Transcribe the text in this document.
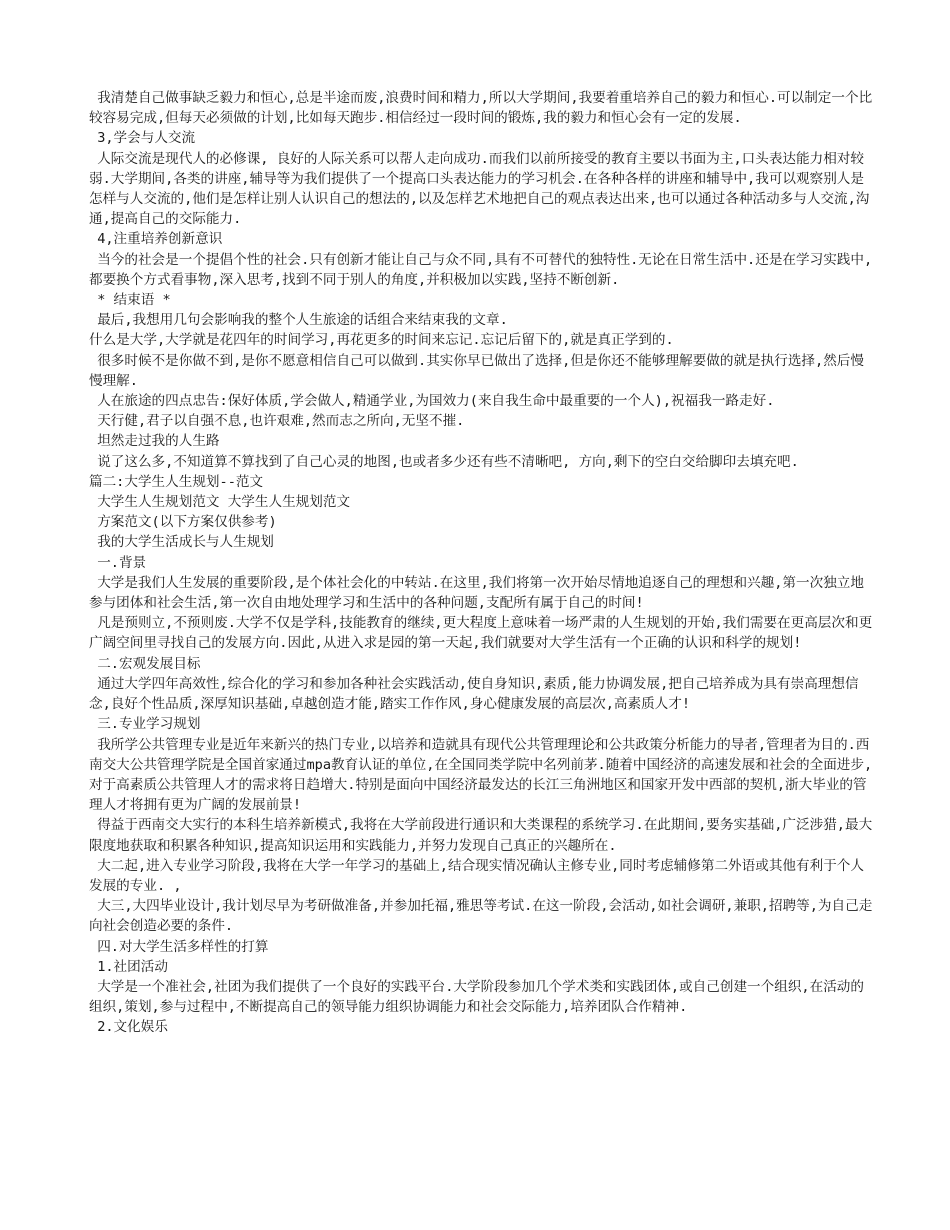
我清楚自己做事缺乏毅力和恒心,总是半途而废,浪费时间和精力,所以大学期间,我要着重培养自己的毅力和恒心.可以制定一个比较容易完成,但每天必须做的计划,比如每天跑步.相信经过一段时间的锻炼,我的毅力和恒心会有一定的发展.

3,学会与人交流

人际交流是现代人的必修课, 良好的人际关系可以帮人走向成功.而我们以前所接受的教育主要以书面为主,口头表达能力相对较弱.大学期间,各类的讲座,辅导等为我们提供了一个提高口头表达能力的学习机会.在各种各样的讲座和辅导中,我可以观察别人是怎样与人交流的,他们是怎样让别人认识自己的想法的,以及怎样艺术地把自己的观点表达出来,也可以通过各种活动多与人交流,沟通,提高自己的交际能力.

4,注重培养创新意识

当今的社会是一个提倡个性的社会.只有创新才能让自己与众不同,具有不可替代的独特性.无论在日常生活中.还是在学习实践中,都要换个方式看事物,深入思考,找到不同于别人的角度,并积极加以实践,坚持不断创新.

* 结束语 *

最后,我想用几句会影响我的整个人生旅途的话组合来结束我的文章.

什么是大学,大学就是花四年的时间学习,再花更多的时间来忘记.忘记后留下的,就是真正学到的.

很多时候不是你做不到,是你不愿意相信自己可以做到.其实你早已做出了选择,但是你还不能够理解要做的就是执行选择,然后慢慢理解.

人在旅途的四点忠告:保好体质,学会做人,精通学业,为国效力(来自我生命中最重要的一个人),祝福我一路走好.

天行健,君子以自强不息,也许艰难,然而志之所向,无坚不摧.

坦然走过我的人生路

说了这么多,不知道算不算找到了自己心灵的地图,也或者多少还有些不清晰吧, 方向,剩下的空白交给脚印去填充吧.

篇二:大学生人生规划--范文

大学生人生规划范文 大学生人生规划范文

方案范文(以下方案仅供参考)

我的大学生活成长与人生规划

一.背景

大学是我们人生发展的重要阶段,是个体社会化的中转站.在这里,我们将第一次开始尽情地追逐自己的理想和兴趣,第一次独立地参与团体和社会生活,第一次自由地处理学习和生活中的各种问题,支配所有属于自己的时间!

凡是预则立,不预则废.大学不仅是学科,技能教育的继续,更大程度上意味着一场严肃的人生规划的开始,我们需要在更高层次和更广阔空间里寻找自己的发展方向.因此,从进入求是园的第一天起,我们就要对大学生活有一个正确的认识和科学的规划!

二.宏观发展目标

通过大学四年高效性,综合化的学习和参加各种社会实践活动,使自身知识,素质,能力协调发展,把自己培养成为具有崇高理想信念,良好个性品质,深厚知识基础,卓越创造才能,踏实工作作风,身心健康发展的高层次,高素质人才!

三.专业学习规划

我所学公共管理专业是近年来新兴的热门专业,以培养和造就具有现代公共管理理论和公共政策分析能力的导者,管理者为目的.西南交大公共管理学院是全国首家通过mpa教育认证的单位,在全国同类学院中名列前茅.随着中国经济的高速发展和社会的全面进步,对于高素质公共管理人才的需求将日趋增大.特别是面向中国经济最发达的长江三角洲地区和国家开发中西部的契机,浙大毕业的管理人才将拥有更为广阔的发展前景!

得益于西南交大实行的本科生培养新模式,我将在大学前段进行通识和大类课程的系统学习.在此期间,要务实基础,广泛涉猎,最大限度地获取和积累各种知识,提高知识运用和实践能力,并努力发现自己真正的兴趣所在.

大二起,进入专业学习阶段,我将在大学一年学习的基础上,结合现实情况确认主修专业,同时考虑辅修第二外语或其他有利于个人发展的专业. ,

大三,大四毕业设计,我计划尽早为考研做准备,并参加托福,雅思等考试.在这一阶段,会活动,如社会调研,兼职,招聘等,为自己走向社会创造必要的条件.

四.对大学生活多样性的打算

1.社团活动

大学是一个准社会,社团为我们提供了一个良好的实践平台.大学阶段参加几个学术类和实践团体,或自己创建一个组织,在活动的组织,策划,参与过程中,不断提高自己的领导能力组织协调能力和社会交际能力,培养团队合作精神.

2.文化娱乐
